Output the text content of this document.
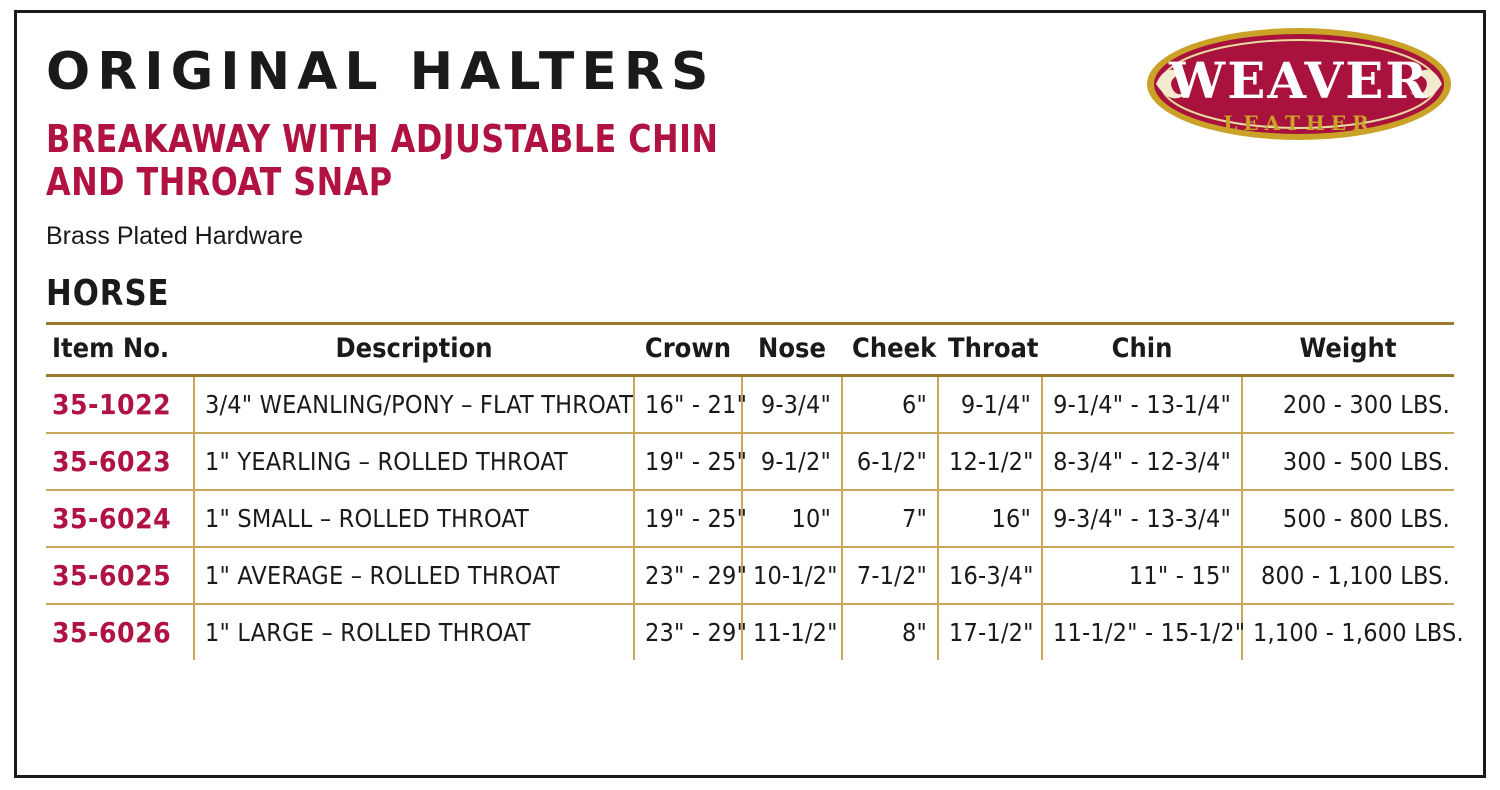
WEAVER
LEATHER
ORIGINAL HALTERS
BREAKAWAY WITH ADJUSTABLE CHIN
AND THROAT SNAP
Brass Plated Hardware
HORSE
Item No.	Description	Crown	Nose	Cheek	Throat	Chin	Weight
35-1022	3/4" WEANLING/PONY – FLAT THROAT	16" - 21"	9-3/4"	6"	9-1/4"	9-1/4" - 13-1/4"	200 - 300 LBS.
35-6023	1" YEARLING – ROLLED THROAT	19" - 25"	9-1/2"	6-1/2"	12-1/2"	8-3/4" - 12-3/4"	300 - 500 LBS.
35-6024	1" SMALL – ROLLED THROAT	19" - 25"	10"	7"	16"	9-3/4" - 13-3/4"	500 - 800 LBS.
35-6025	1" AVERAGE – ROLLED THROAT	23" - 29"	10-1/2"	7-1/2"	16-3/4"	11" - 15"	800 - 1,100 LBS.
35-6026	1" LARGE – ROLLED THROAT	23" - 29"	11-1/2"	8"	17-1/2"	11-1/2" - 15-1/2"	1,100 - 1,600 LBS.
